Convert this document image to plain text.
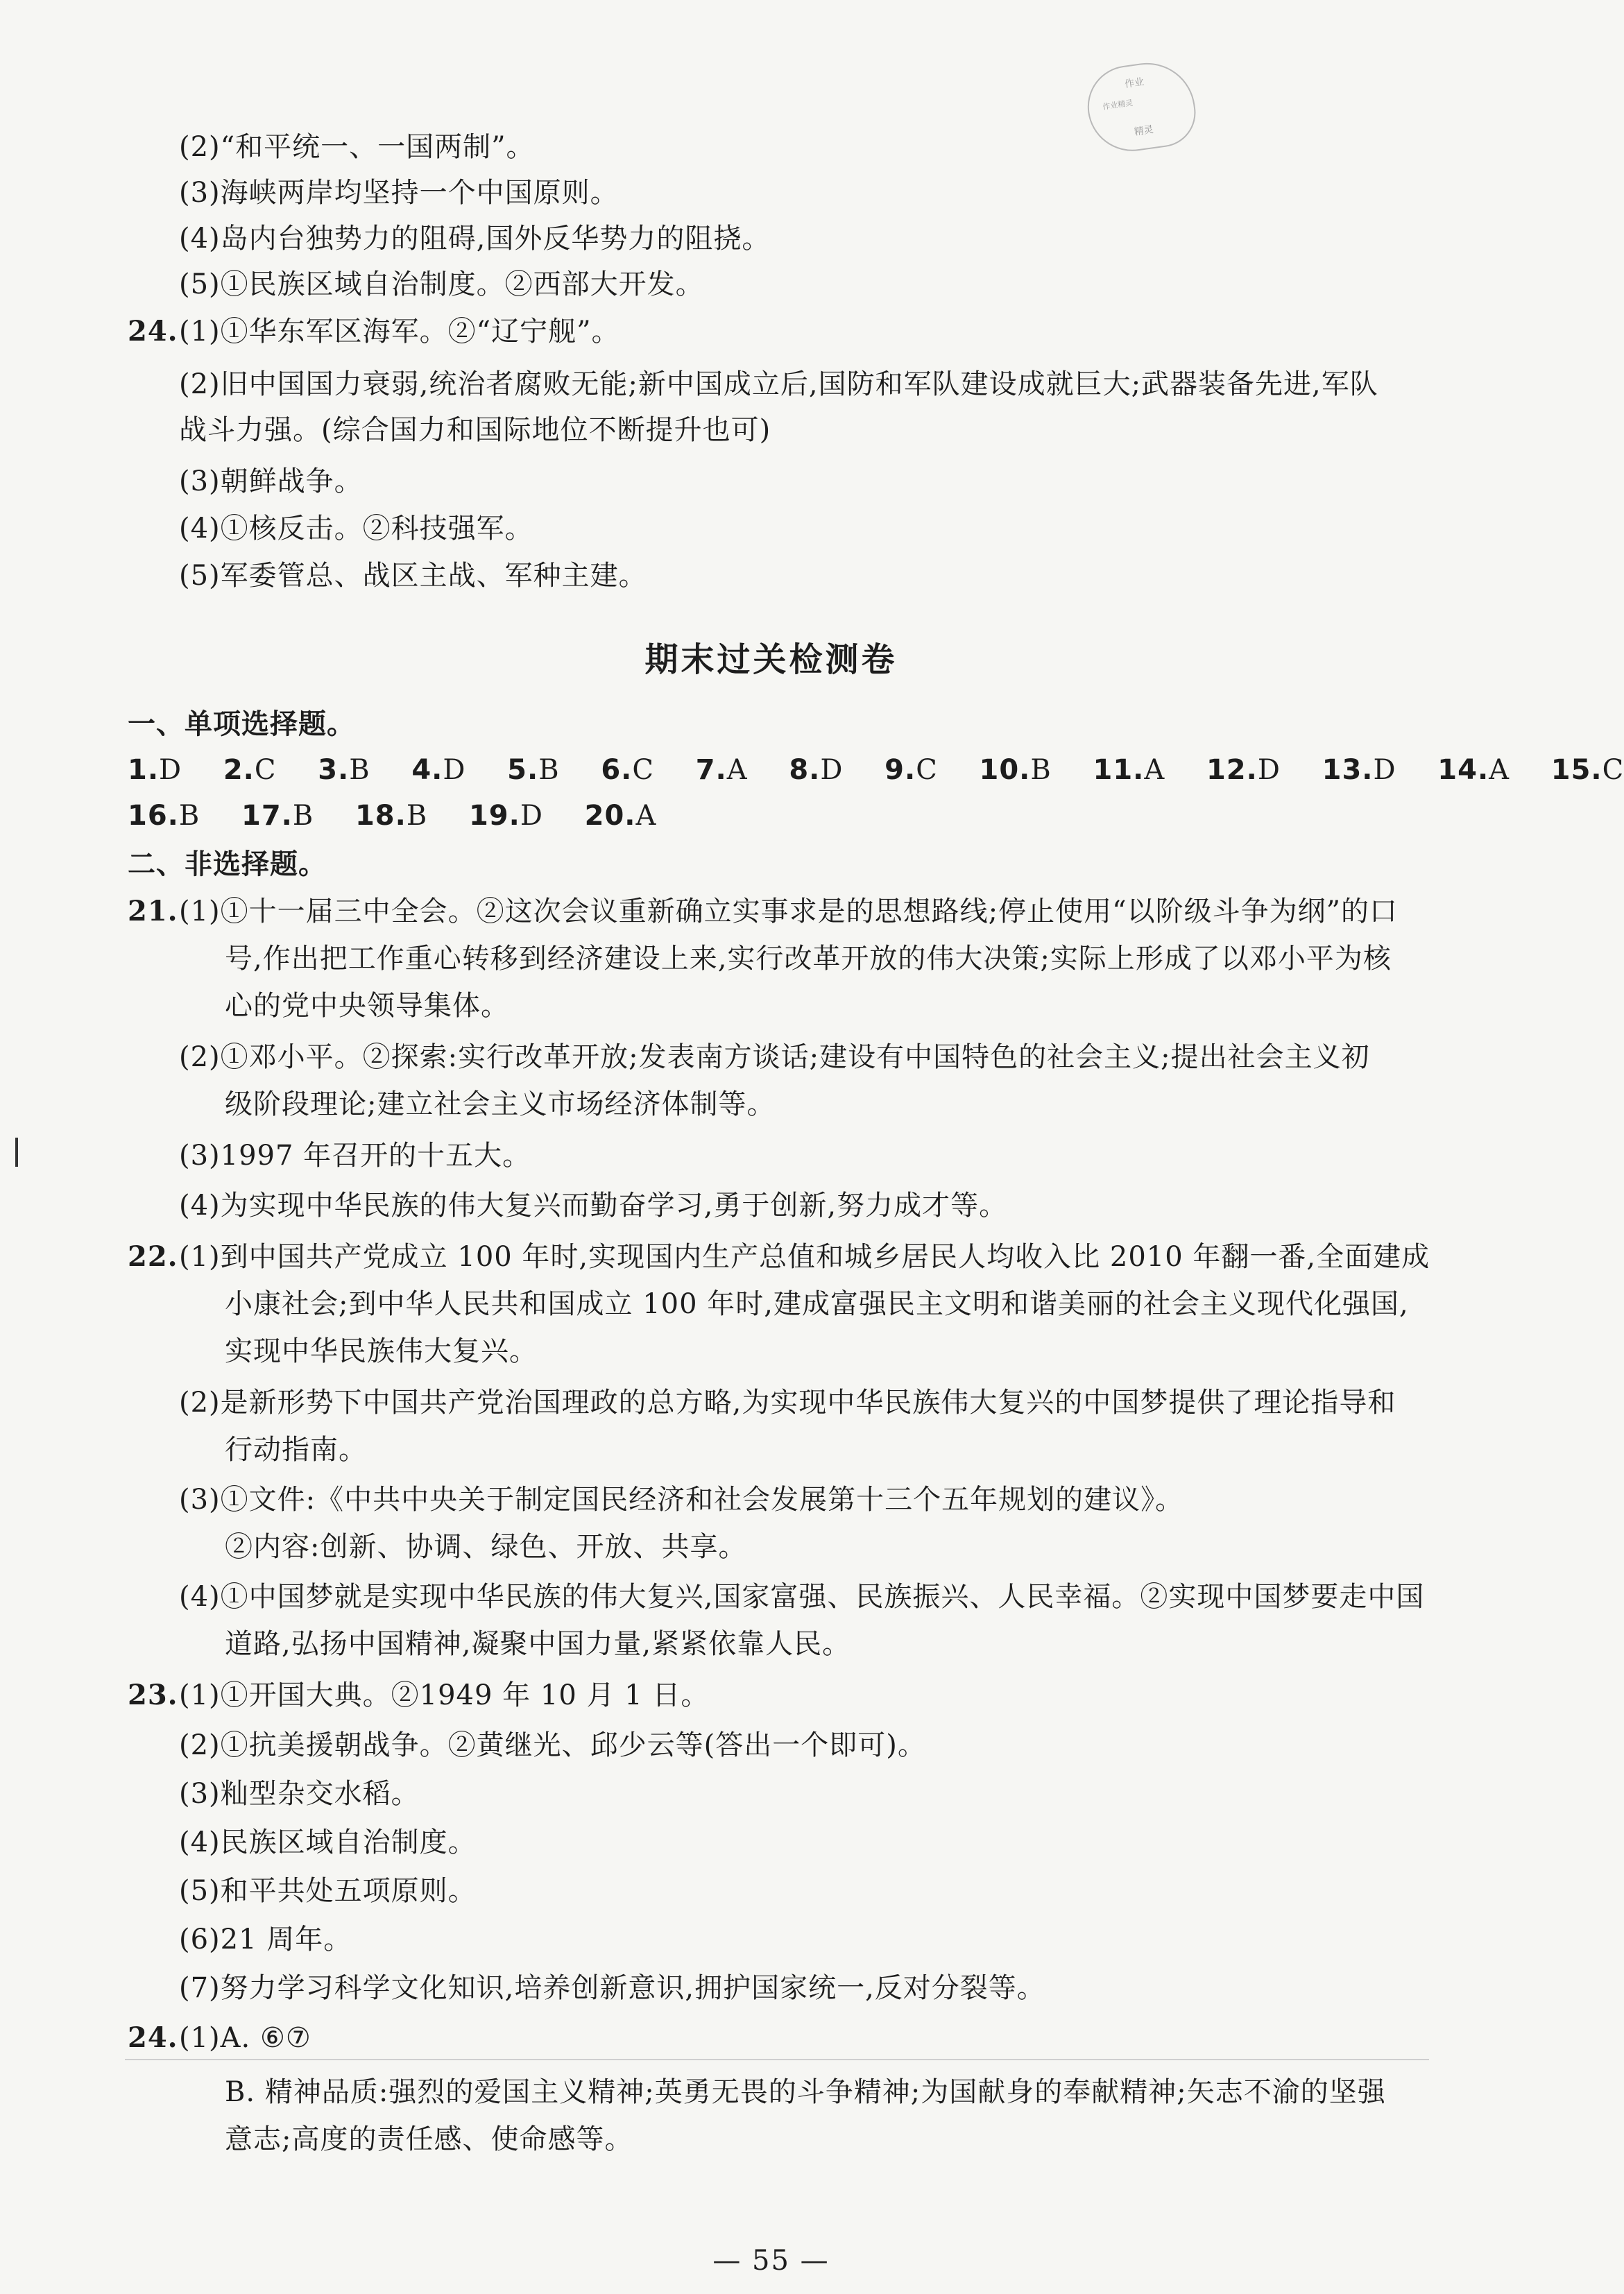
作业
作业精灵
精灵
(2)“和平统一、一国两制”。
(3)海峡两岸均坚持一个中国原则。
(4)岛内台独势力的阻碍,国外反华势力的阻挠。
(5)①民族区域自治制度。②西部大开发。
24. (1)①华东军区海军。②“辽宁舰”。
(2)旧中国国力衰弱,统治者腐败无能;新中国成立后,国防和军队建设成就巨大;武器装备先进,军队
战斗力强。(综合国力和国际地位不断提升也可)
(3)朝鲜战争。
(4)①核反击。②科技强军。
(5)军委管总、战区主战、军种主建。
期末过关检测卷
一、单项选择题。
1.D 2.C 3.B 4.D 5.B 6.C 7.A 8.D 9.C 10.B 11.A 12.D 13.D 14.A 15.C
16.B 17.B 18.B 19.D 20.A
二、非选择题。
21. (1)①十一届三中全会。②这次会议重新确立实事求是的思想路线;停止使用“以阶级斗争为纲”的口
号,作出把工作重心转移到经济建设上来,实行改革开放的伟大决策;实际上形成了以邓小平为核
心的党中央领导集体。
(2)①邓小平。②探索:实行改革开放;发表南方谈话;建设有中国特色的社会主义;提出社会主义初
级阶段理论;建立社会主义市场经济体制等。
(3)1997 年召开的十五大。
(4)为实现中华民族的伟大复兴而勤奋学习,勇于创新,努力成才等。
22. (1)到中国共产党成立 100 年时,实现国内生产总值和城乡居民人均收入比 2010 年翻一番,全面建成
小康社会;到中华人民共和国成立 100 年时,建成富强民主文明和谐美丽的社会主义现代化强国,
实现中华民族伟大复兴。
(2)是新形势下中国共产党治国理政的总方略,为实现中华民族伟大复兴的中国梦提供了理论指导和
行动指南。
(3)①文件:《中共中央关于制定国民经济和社会发展第十三个五年规划的建议》。
②内容:创新、协调、绿色、开放、共享。
(4)①中国梦就是实现中华民族的伟大复兴,国家富强、民族振兴、人民幸福。②实现中国梦要走中国
道路,弘扬中国精神,凝聚中国力量,紧紧依靠人民。
23. (1)①开国大典。②1949 年 10 月 1 日。
(2)①抗美援朝战争。②黄继光、邱少云等(答出一个即可)。
(3)籼型杂交水稻。
(4)民族区域自治制度。
(5)和平共处五项原则。
(6)21 周年。
(7)努力学习科学文化知识,培养创新意识,拥护国家统一,反对分裂等。
24. (1)A. ⑥⑦
B. 精神品质:强烈的爱国主义精神;英勇无畏的斗争精神;为国献身的奉献精神;矢志不渝的坚强
意志;高度的责任感、使命感等。
— 55 —
